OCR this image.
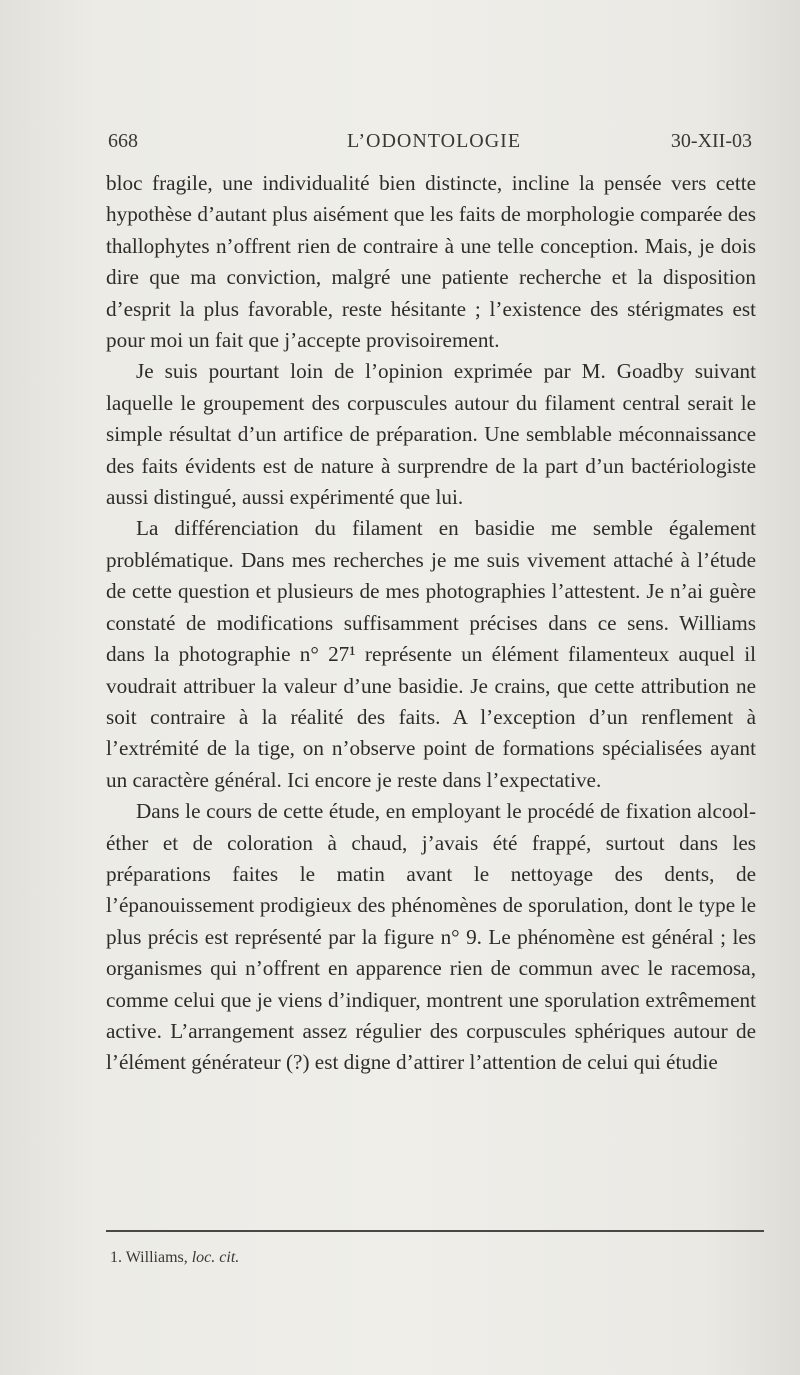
668	L’ODONTOLOGIE	30-XII-03

bloc fragile, une individualité bien distincte, incline la pensée vers cette hypothèse d’autant plus aisément que les faits de morphologie comparée des thallophytes n’offrent rien de contraire à une telle conception. Mais, je dois dire que ma conviction, malgré une patiente recherche et la disposition d’esprit la plus favorable, reste hésitante ; l’existence des stérigmates est pour moi un fait que j’accepte provisoirement.

Je suis pourtant loin de l’opinion exprimée par M. Goadby suivant laquelle le groupement des corpuscules autour du filament central serait le simple résultat d’un artifice de préparation. Une semblable méconnaissance des faits évidents est de nature à surprendre de la part d’un bactériologiste aussi distingué, aussi expérimenté que lui.

La différenciation du filament en basidie me semble également problématique. Dans mes recherches je me suis vivement attaché à l’étude de cette question et plusieurs de mes photographies l’attestent. Je n’ai guère constaté de modifications suffisamment précises dans ce sens. Williams dans la photographie n° 27¹ représente un élément filamenteux auquel il voudrait attribuer la valeur d’une basidie. Je crains, que cette attribution ne soit contraire à la réalité des faits. A l’exception d’un renflement à l’extrémité de la tige, on n’observe point de formations spécialisées ayant un caractère général. Ici encore je reste dans l’expectative.

Dans le cours de cette étude, en employant le procédé de fixation alcool-éther et de coloration à chaud, j’avais été frappé, surtout dans les préparations faites le matin avant le nettoyage des dents, de l’épanouissement prodigieux des phénomènes de sporulation, dont le type le plus précis est représenté par la figure n° 9. Le phénomène est général ; les organismes qui n’offrent en apparence rien de commun avec le racemosa, comme celui que je viens d’indiquer, montrent une sporulation extrêmement active. L’arrangement assez régulier des corpuscules sphériques autour de l’élément générateur (?) est digne d’attirer l’attention de celui qui étudie

1. Williams, loc. cit.
